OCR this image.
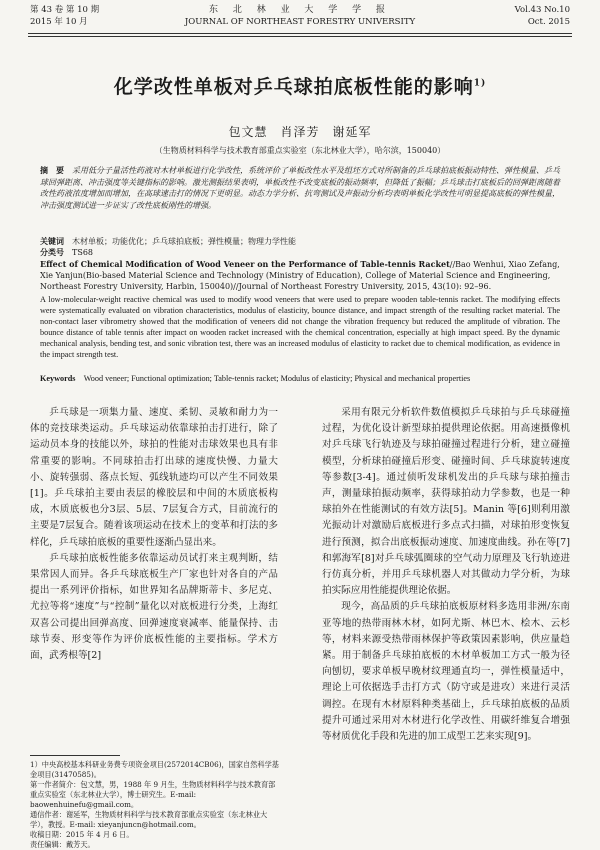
第 43 卷 第 10 期
2015 年 10 月
东 北 林 业 大 学 学 报
JOURNAL OF NORTHEAST FORESTRY UNIVERSITY
Vol.43 No.10
Oct. 2015
化学改性单板对乒乓球拍底板性能的影响$^{1)}$
包文慧　肖泽芳　谢延军
（生物质材料科学与技术教育部重点实验室（东北林业大学），哈尔滨，150040）
摘　要　 采用低分子量活性药液对木材单板进行化学改性，系统评价了单板改性水平及组坯方式对所制备的乒乓球拍底板振动特性、弹性模量、乒乓球回弹距离、冲击强度等关键指标的影响。激光测振结果表明，单板改性不改变底板的振动频率，但降低了振幅；乒乓球击打底板后的回弹距离随着改性药液浓度增加而增加，在高球速击打的情况下更明显。动态力学分析、抗弯测试及声振动分析均表明单板化学改性可明显提高底板的弹性模量，冲击强度测试进一步证实了改性底板刚性的增强。
关键词　 木材单板；功能优化；乒乓球拍底板；弹性模量；物理力学性能
分类号　 TS68
Effect of Chemical Modification of Wood Veneer on the Performance of Table-tennis Racket//Bao Wenhui, Xiao Zefang, Xie Yanjun(Bio-based Material Science and Technology (Ministry of Education), College of Material Science and Engineering, Northeast Forestry University, Harbin, 150040)//Journal of Northeast Forestry University, 2015, 43(10): 92–96.
A low-molecular-weight reactive chemical was used to modify wood veneers that were used to prepare wooden table-tennis racket. The modifying effects were systematically evaluated on vibration characteristics, modulus of elasticity, bounce distance, and impact strength of the resulting racket material. The non-contact laser vibrometry showed that the modification of veneers did not change the vibration frequency but reduced the amplitude of vibration. The bounce distance of table tennis after impact on wooden racket increased with the chemical concentration, especially at high impact speed. By the dynamic mechanical analysis, bending test, and sonic vibration test, there was an increased modulus of elasticity to racket due to chemical modification, as evidence in the impact strength test.
Keywords　 Wood veneer; Functional optimization; Table-tennis racket; Modulus of elasticity; Physical and mechanical properties

乒乓球是一项集力量、速度、柔韧、灵敏和耐力为一体的竞技球类运动。乒乓球运动依靠球拍击打进行，除了运动员本身的技能以外，球拍的性能对击球效果也具有非常重要的影响。不同球拍击打出球的速度快慢、力量大小、旋转强弱、落点长短、弧线轨迹均可以产生不同效果[1]。乒乓球拍主要由表层的橡胶层和中间的木质底板构成，木质底板也分3层、5层、7层复合方式，目前流行的主要是7层复合。随着该项运动在技术上的变革和打法的多样化，乒乓球拍底板的重要性逐渐凸显出来。

乒乓球拍底板性能多依靠运动员试打来主观判断，结果常因人而异。各乒乓球底板生产厂家也针对各自的产品提出一系列评价指标，如世界知名品牌斯蒂卡、多尼克、尤拉等将“速度”与“控制”量化以对底板进行分类，上海红双喜公司提出回弹高度、回弹速度衰减率、能量保持、击球节奏、形变等作为评价底板性能的主要指标。学术方面，武秀根等[2]

采用有限元分析软件数值模拟乒乓球拍与乒乓球碰撞过程，为优化设计新型球拍提供理论依据。用高速摄像机对乒乓球飞行轨迹及与球拍碰撞过程进行分析，建立碰撞模型，分析球拍碰撞后形变、碰撞时间、乒乓球旋转速度等参数[3-4]。通过侦听发球机发出的乒乓球与球拍撞击声，测量球拍振动频率，获得球拍动力学参数，也是一种球拍外在性能测试的有效方法[5]。Manin 等[6]则利用激光振动计对激励后底板进行多点式扫描，对球拍形变恢复进行预测，拟合出底板振动速度、加速度曲线。孙在等[7]和郭海军[8]对乒乓球弧圈球的空气动力原理及飞行轨迹进行仿真分析，并用乒乓球机器人对其做动力学分析，为球拍实际应用性能提供理论依据。

现今，高品质的乒乓球拍底板原材料多选用非洲/东南亚等地的热带雨林木材，如阿尤斯、林巴木、桧木、云杉等，材料来源受热带雨林保护等政策因素影响，供应量趋紧。用于制备乒乓球拍底板的木材单板加工方式一般为径向刨切，要求单板早晚材纹理通直均一，弹性模量适中，理论上可依据选手击打方式（防守或是进攻）来进行灵活调控。在现有木材原料种类基础上，乒乓球拍底板的品质提升可通过采用对木材进行化学改性、用碳纤维复合增强等材质优化手段和先进的加工成型工艺来实现[9]。

1）中央高校基本科研业务费专项资金项目(2572014CB06)，国家自然科学基金项目(31470585)。

第一作者简介：包文慧，男，1988 年 9 月生，生物质材料科学与技术教育部重点实验室（东北林业大学），博士研究生。E-mail: baowenhuinefu@gmail.com。

通信作者：谢延军，生物质材料科学与技术教育部重点实验室（东北林业大学），教授。E-mail: xieyanjuncn@hotmail.com。

收稿日期：2015 年 4 月 6 日。

责任编辑：戴芳天。
